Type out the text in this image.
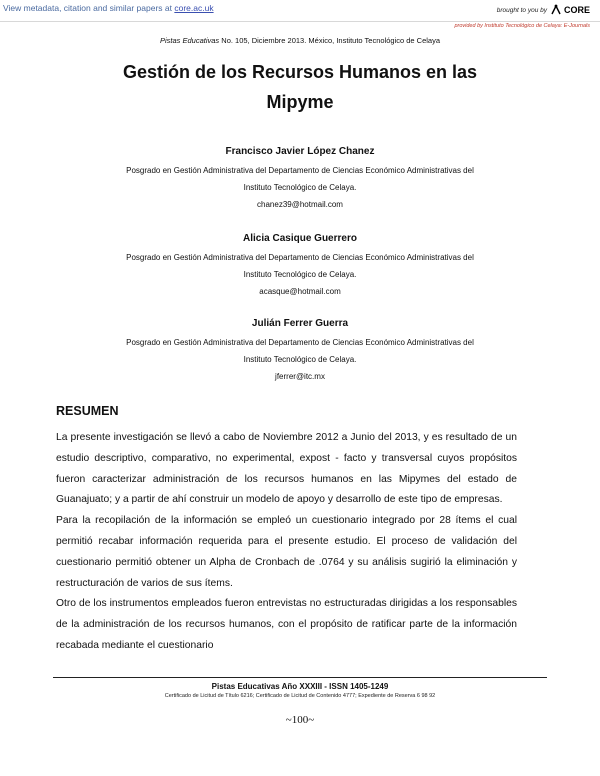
View metadata, citation and similar papers at core.ac.uk	brought to you by CORE
provided by Instituto Tecnológico de Celaya: E-Journals
Pistas Educativas No. 105, Diciembre 2013. México, Instituto Tecnológico de Celaya
Gestión de los Recursos Humanos en las
Mipyme
Francisco Javier López Chanez
Posgrado en Gestión Administrativa del Departamento de Ciencias Económico Administrativas del
Instituto Tecnológico de Celaya.
chanez39@hotmail.com
Alicia Casique Guerrero
Posgrado en Gestión Administrativa del Departamento de Ciencias Económico Administrativas del
Instituto Tecnológico de Celaya.
acasque@hotmail.com
Julián Ferrer Guerra
Posgrado en Gestión Administrativa del Departamento de Ciencias Económico Administrativas del
Instituto Tecnológico de Celaya.
jferrer@itc.mx
RESUMEN

La presente investigación se llevó a cabo de Noviembre 2012 a Junio del 2013, y es resultado de un estudio descriptivo, comparativo, no experimental, expost - facto y transversal cuyos propósitos fueron caracterizar administración de los recursos humanos en las Mipymes del estado de Guanajuato; y a partir de ahí construir un modelo de apoyo y desarrollo de este tipo de empresas.

Para la recopilación de la información se empleó un cuestionario integrado por 28 ítems el cual permitió recabar información requerida para el presente estudio. El proceso de validación del cuestionario permitió obtener un Alpha de Cronbach de .0764 y su análisis sugirió la eliminación y restructuración de varios de sus ítems.

Otro de los instrumentos empleados fueron entrevistas no estructuradas dirigidas a los responsables de la administración de los recursos humanos, con el propósito de ratificar parte de la información recabada mediante el cuestionario

Pistas Educativas Año XXXIII - ISSN 1405-1249
Certificado de Licitud de Título 6216; Certificado de Licitud de Contenido 4777; Expediente de Reserva 6 98 92
~100~
